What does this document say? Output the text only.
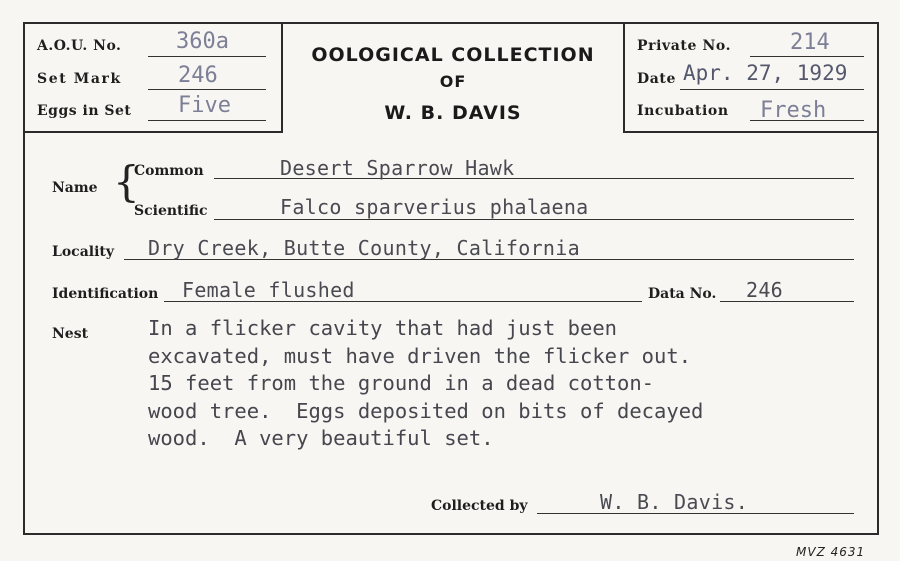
A.O.U. No. 360a
Set Mark	246
Eggs in Set Five
OOLOGICAL COLLECTION
OF
W. B. DAVIS
Private No.	214
Date Apr. 27, 1929
Incubation Fresh
Name {
Common	Desert Sparrow Hawk
Scientific	Falco sparverius phalaena
Locality Dry Creek, Butte County, California
Identification Female flushed	Data No. 246
Nest	In a flicker cavity that had just been
excavated, must have driven the flicker out.
15 feet from the ground in a dead cotton-
wood tree.  Eggs deposited on bits of decayed
wood.  A very beautiful set.
Collected by	W. B. Davis.
MVZ 4631
